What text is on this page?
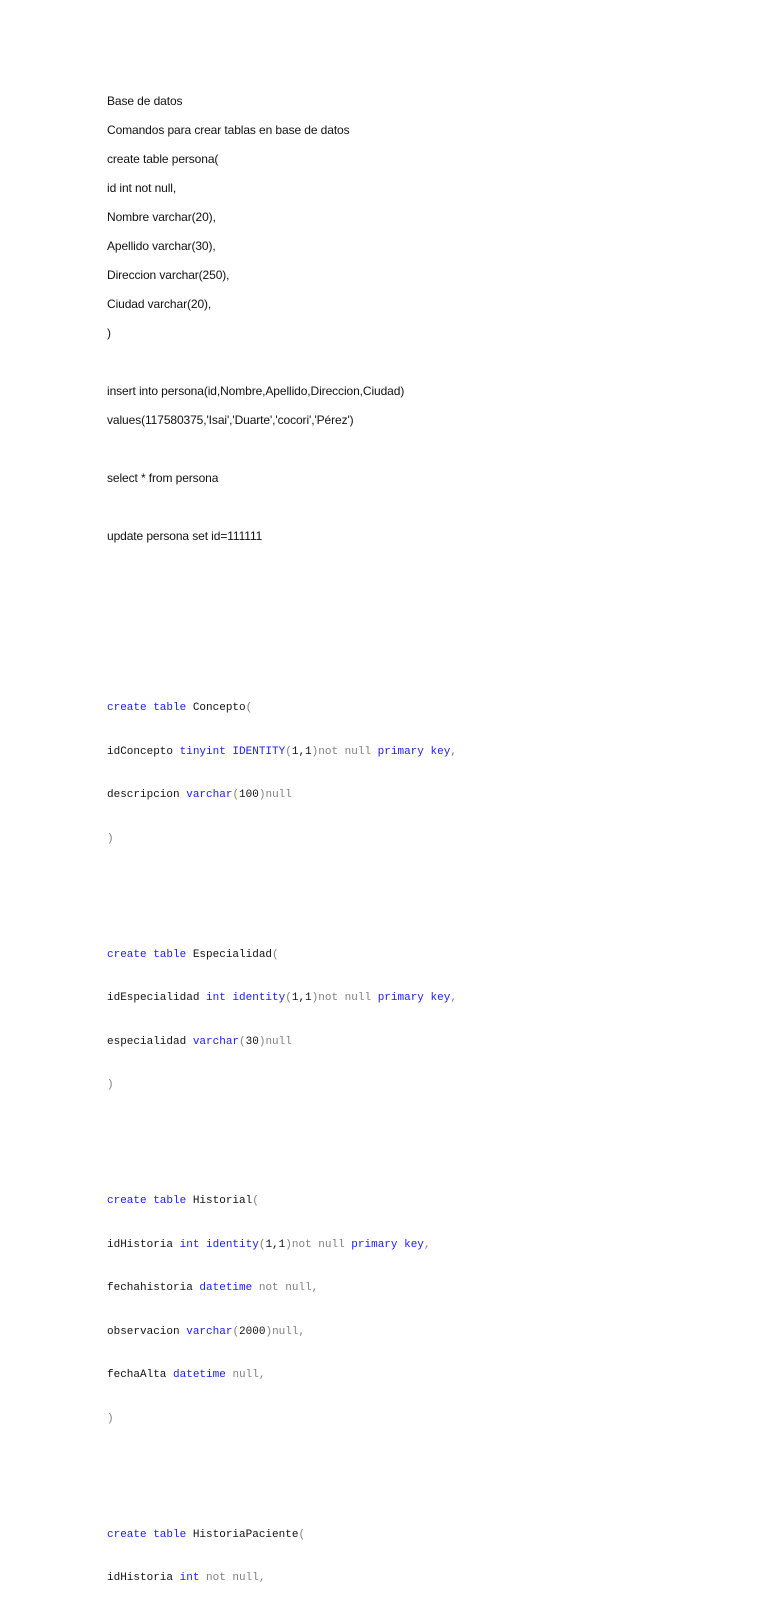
Base de datos
Comandos para crear tablas en base de datos
create table persona(
id int not null,
Nombre varchar(20),
Apellido varchar(30),
Direccion varchar(250),
Ciudad varchar(20),
)
insert into persona(id,Nombre,Apellido,Direccion,Ciudad)
values(117580375,'Isai','Duarte','cocori','Pérez')
select * from persona
update persona set id=111111

create table Concepto(

idConcepto tinyint IDENTITY(1,1)not null primary key,

descripcion varchar(100)null

)

create table Especialidad(

idEspecialidad int identity(1,1)not null primary key,

especialidad varchar(30)null

)

create table Historial(

idHistoria int identity(1,1)not null primary key,

fechahistoria datetime not null,

observacion varchar(2000)null,

fechaAlta datetime null,

)

create table HistoriaPaciente(

idHistoria int not null,
